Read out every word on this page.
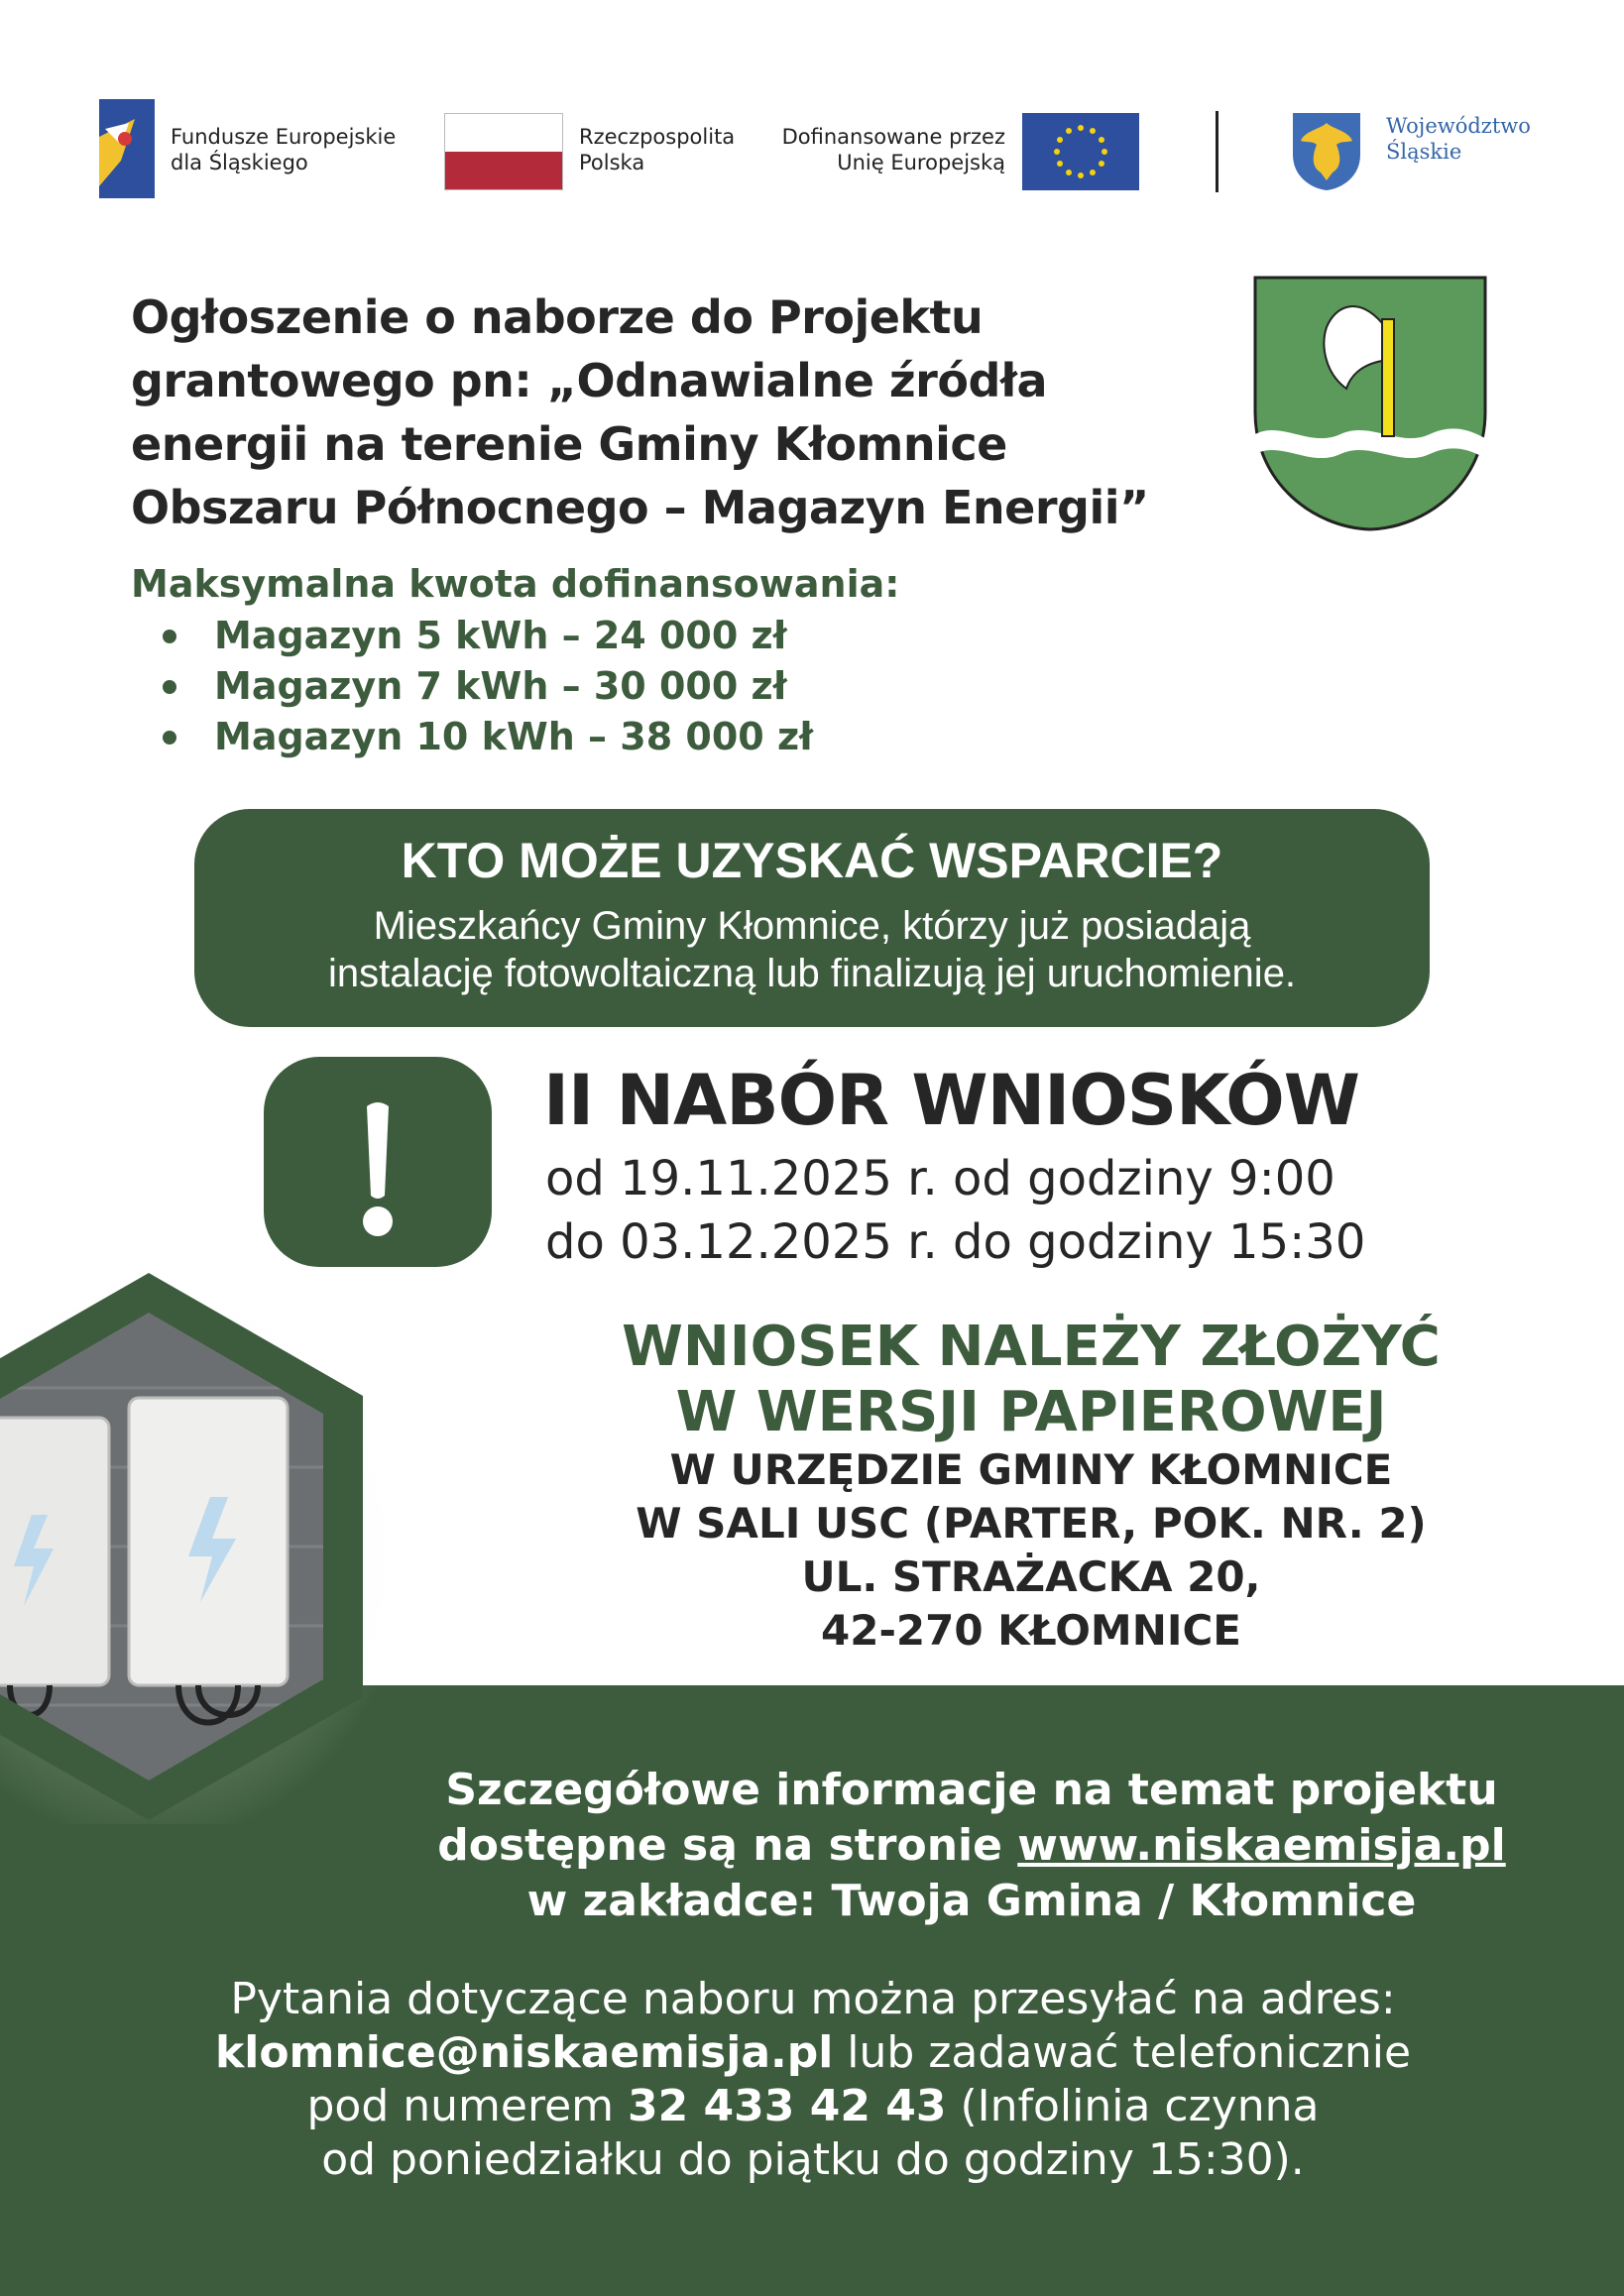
Fundusze Europejskie
dla Śląskiego
Rzeczpospolita
Polska
Dofinansowane przez
Unię Europejską
Województwo
Śląskie
Ogłoszenie o naborze do Projektu
grantowego pn: „Odnawialne źródła
energii na terenie Gminy Kłomnice
Obszaru Północnego – Magazyn Energii”
Maksymalna kwota dofinansowania:
Magazyn 5 kWh – 24 000 zł
Magazyn 7 kWh – 30 000 zł
Magazyn 10 kWh – 38 000 zł
KTO MOŻE UZYSKAĆ WSPARCIE?
Mieszkańcy Gminy Kłomnice, którzy już posiadają
instalację fotowoltaiczną lub finalizują jej uruchomienie.
II NABÓR WNIOSKÓW
od 19.11.2025 r. od godziny 9:00
do 03.12.2025 r. do godziny 15:30
WNIOSEK NALEŻY ZŁOŻYĆ
W WERSJI PAPIEROWEJ
W URZĘDZIE GMINY KŁOMNICE
W SALI USC (PARTER, POK. NR. 2)
UL. STRAŻACKA 20,
42-270 KŁOMNICE
Szczegółowe informacje na temat projektu
dostępne są na stronie www.niskaemisja.pl
w zakładce: Twoja Gmina / Kłomnice
Pytania dotyczące naboru można przesyłać na adres:
klomnice@niskaemisja.pl lub zadawać telefonicznie
pod numerem 32 433 42 43 (Infolinia czynna
od poniedziałku do piątku do godziny 15:30).
